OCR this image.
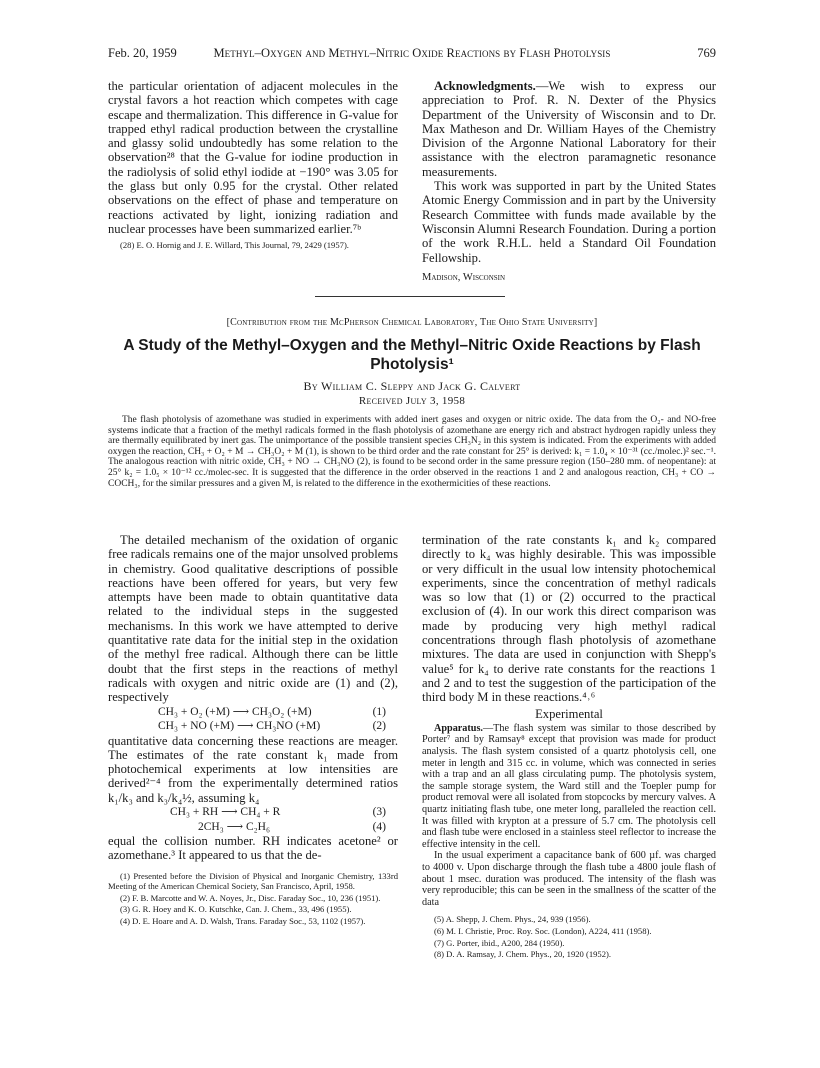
Feb. 20, 1959	Methyl–Oxygen and Methyl–Nitric Oxide Reactions by Flash Photolysis	769

the particular orientation of adjacent molecules in the crystal favors a hot reaction which competes with cage escape and thermalization. This difference in G-value for trapped ethyl radical production between the crystalline and glassy solid undoubtedly has some relation to the observation²⁸ that the G-value for iodine production in the radiolysis of solid ethyl iodide at −190° was 3.05 for the glass but only 0.95 for the crystal. Other related observations on the effect of phase and temperature on reactions activated by light, ionizing radiation and nuclear processes have been summarized earlier.⁷ᵇ

(28) E. O. Hornig and J. E. Willard, This Journal, 79, 2429 (1957).

Acknowledgments.—We wish to express our appreciation to Prof. R. N. Dexter of the Physics Department of the University of Wisconsin and to Dr. Max Matheson and Dr. William Hayes of the Chemistry Division of the Argonne National Laboratory for their assistance with the electron paramagnetic resonance measurements.

This work was supported in part by the United States Atomic Energy Commission and in part by the University Research Committee with funds made available by the Wisconsin Alumni Research Foundation. During a portion of the work R.H.L. held a Standard Oil Foundation Fellowship.

Madison, Wisconsin

[Contribution from the McPherson Chemical Laboratory, The Ohio State University]
A Study of the Methyl–Oxygen and the Methyl–Nitric Oxide Reactions by Flash Photolysis¹
By William C. Sleppy and Jack G. Calvert
Received July 3, 1958

The flash photolysis of azomethane was studied in experiments with added inert gases and oxygen or nitric oxide. The data from the O₂- and NO-free systems indicate that a fraction of the methyl radicals formed in the flash photolysis of azomethane are energy rich and abstract hydrogen rapidly unless they are thermally equilibrated by inert gas. The unimportance of the possible transient species CH₃N₂ in this system is indicated. From the experiments with added oxygen the reaction, CH₃ + O₂ + M → CH₃O₂ + M (1), is shown to be third order and the rate constant for 25° is derived: k₁ = 1.0₄ × 10⁻³¹ (cc./molec.)² sec.⁻¹. The analogous reaction with nitric oxide, CH₃ + NO → CH₃NO (2), is found to be second order in the same pressure region (150–280 mm. of neopentane): at 25° k₂ = 1.0₅ × 10⁻¹² cc./molec-sec. It is suggested that the difference in the order observed in the reactions 1 and 2 and analogous reaction, CH₃ + CO → COCH₃, for the similar pressures and a given M, is related to the difference in the exothermicities of these reactions.

The detailed mechanism of the oxidation of organic free radicals remains one of the major unsolved problems in chemistry. Good qualitative descriptions of possible reactions have been offered for years, but very few attempts have been made to obtain quantitative data related to the individual steps in the suggested mechanisms. In this work we have attempted to derive quantitative rate data for the initial step in the oxidation of the methyl free radical. Although there can be little doubt that the first steps in the reactions of methyl radicals with oxygen and nitric oxide are (1) and (2), respectively

CH₃ + O₂ (+M) ⟶ CH₃O₂ (+M)	(1)
CH₃ + NO (+M) ⟶ CH₃NO (+M)	(2)

quantitative data concerning these reactions are meager. The estimates of the rate constant k₁ made from photochemical experiments at low intensities are derived²⁻⁴ from the experimentally determined ratios k₁/k₃ and k₃/k₄½, assuming k₄

CH₃ + RH ⟶ CH₄ + R	(3)
2CH₃ ⟶ C₂H₆	(4)

equal the collision number. RH indicates acetone² or azomethane.³ It appeared to us that the de-

(1) Presented before the Division of Physical and Inorganic Chemistry, 133rd Meeting of the American Chemical Society, San Francisco, April, 1958.

(2) F. B. Marcotte and W. A. Noyes, Jr., Disc. Faraday Soc., 10, 236 (1951).

(3) G. R. Hoey and K. O. Kutschke, Can. J. Chem., 33, 496 (1955).

(4) D. E. Hoare and A. D. Walsh, Trans. Faraday Soc., 53, 1102 (1957).

termination of the rate constants k₁ and k₂ compared directly to k₄ was highly desirable. This was impossible or very difficult in the usual low intensity photochemical experiments, since the concentration of methyl radicals was so low that (1) or (2) occurred to the practical exclusion of (4). In our work this direct comparison was made by producing very high methyl radical concentrations through flash photolysis of azomethane mixtures. The data are used in conjunction with Shepp's value⁵ for k₄ to derive rate constants for the reactions 1 and 2 and to test the suggestion of the participation of the third body M in these reactions.⁴˒⁶

Experimental

Apparatus.—The flash system was similar to those described by Porter⁷ and by Ramsay⁸ except that provision was made for product analysis. The flash system consisted of a quartz photolysis cell, one meter in length and 315 cc. in volume, which was connected in series with a trap and an all glass circulating pump. The photolysis system, the sample storage system, the Ward still and the Toepler pump for product removal were all isolated from stopcocks by mercury valves. A quartz initiating flash tube, one meter long, paralleled the reaction cell. It was filled with krypton at a pressure of 5.7 cm. The photolysis cell and flash tube were enclosed in a stainless steel reflector to increase the effective intensity in the cell.

In the usual experiment a capacitance bank of 600 µf. was charged to 4000 v. Upon discharge through the flash tube a 4800 joule flash of about 1 msec. duration was produced. The intensity of the flash was very reproducible; this can be seen in the smallness of the scatter of the data

(5) A. Shepp, J. Chem. Phys., 24, 939 (1956).

(6) M. I. Christie, Proc. Roy. Soc. (London), A224, 411 (1958).

(7) G. Porter, ibid., A200, 284 (1950).

(8) D. A. Ramsay, J. Chem. Phys., 20, 1920 (1952).
